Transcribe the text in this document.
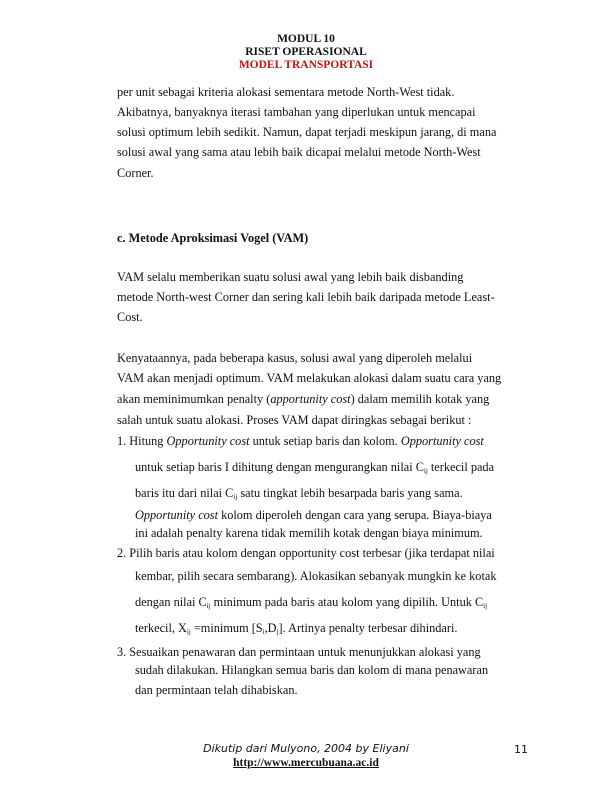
MODUL 10
RISET OPERASIONAL
MODEL TRANSPORTASI
per unit sebagai kriteria alokasi sementara metode North-West tidak.
Akibatnya, banyaknya iterasi tambahan yang diperlukan untuk mencapai
solusi optimum lebih sedikit. Namun, dapat terjadi meskipun jarang, di mana
solusi awal yang sama atau lebih baik dicapai melalui metode North-West
Corner.
c. Metode Aproksimasi Vogel (VAM)
VAM selalu memberikan suatu solusi awal yang lebih baik disbanding
metode North-west Corner dan sering kali lebih baik daripada metode Least-
Cost.
Kenyataannya, pada beberapa kasus, solusi awal yang diperoleh melalui
VAM akan menjadi optimum. VAM melakukan alokasi dalam suatu cara yang
akan meminimumkan penalty (apportunity cost) dalam memilih kotak yang
salah untuk suatu alokasi. Proses VAM dapat diringkas sebagai berikut :
1. Hitung Opportunity cost untuk setiap baris dan kolom. Opportunity cost
untuk setiap baris I dihitung dengan mengurangkan nilai Cij terkecil pada
baris itu dari nilai Cij satu tingkat lebih besarpada baris yang sama.
Opportunity cost kolom diperoleh dengan cara yang serupa. Biaya-biaya
ini adalah penalty karena tidak memilih kotak dengan biaya minimum.
2. Pilih baris atau kolom dengan opportunity cost terbesar (jika terdapat nilai
kembar, pilih secara sembarang). Alokasikan sebanyak mungkin ke kotak
dengan nilai Cij minimum pada baris atau kolom yang dipilih. Untuk Cij
terkecil, Xij =minimum [Si,Dj]. Artinya penalty terbesar dihindari.
3. Sesuaikan penawaran dan permintaan untuk menunjukkan alokasi yang
sudah dilakukan. Hilangkan semua baris dan kolom di mana penawaran
dan permintaan telah dihabiskan.
Dikutip dari Mulyono, 2004 by Eliyani
http://www.mercubuana.ac.id
11
